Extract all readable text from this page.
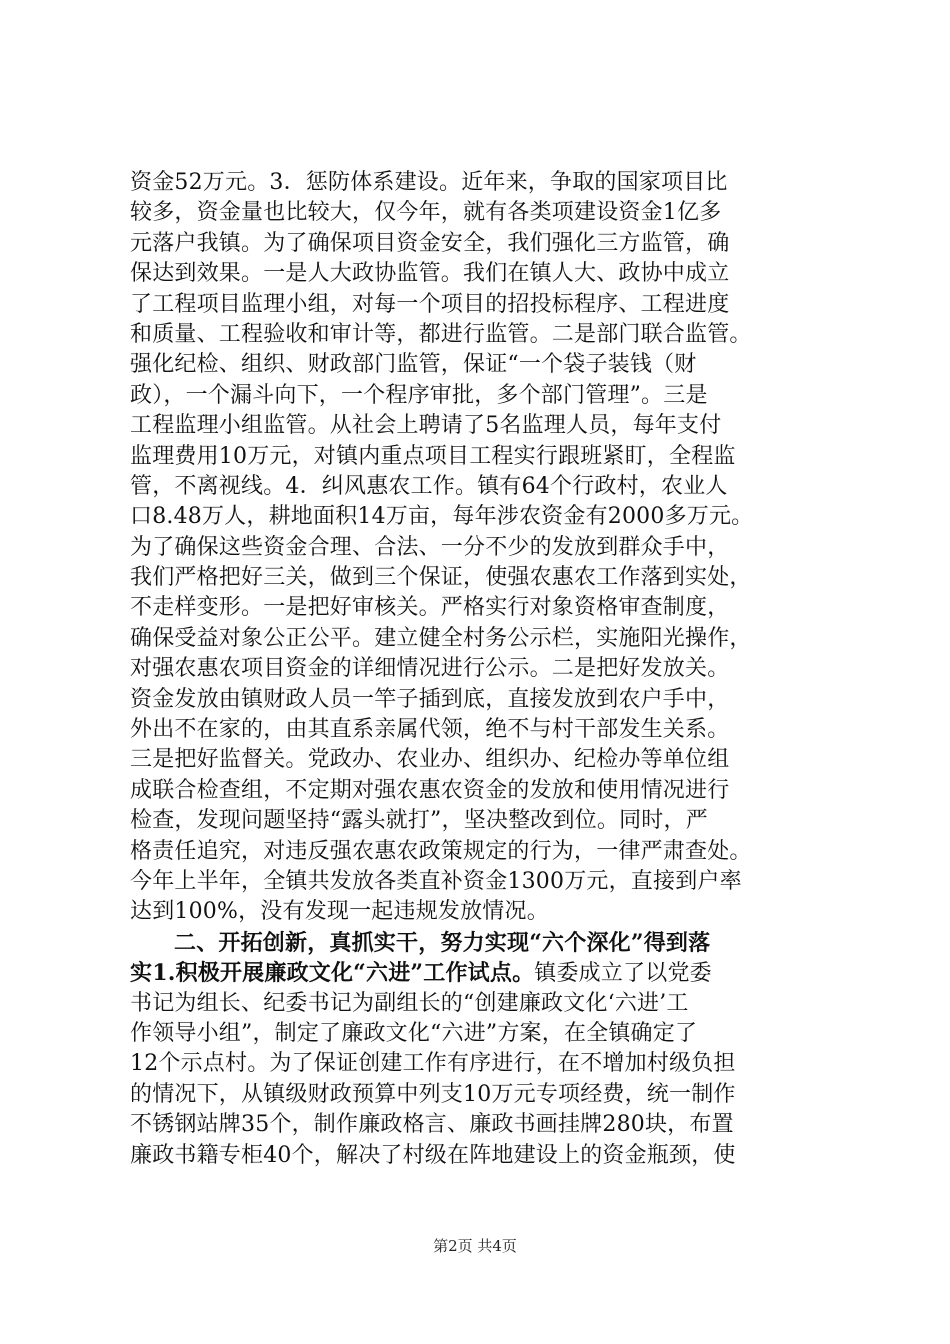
资金52万元。3．惩防体系建设。近年来，争取的国家项目比
较多，资金量也比较大，仅今年，就有各类项建设资金1亿多
元落户我镇。为了确保项目资金安全，我们强化三方监管，确
保达到效果。一是人大政协监管。我们在镇人大、政协中成立
了工程项目监理小组，对每一个项目的招投标程序、工程进度
和质量、工程验收和审计等，都进行监管。二是部门联合监管。
强化纪检、组织、财政部门监管，保证“一个袋子装钱（财
政），一个漏斗向下，一个程序审批，多个部门管理”。三是
工程监理小组监管。从社会上聘请了5名监理人员，每年支付
监理费用10万元，对镇内重点项目工程实行跟班紧盯，全程监
管，不离视线。4．纠风惠农工作。镇有64个行政村，农业人
口8.48万人，耕地面积14万亩，每年涉农资金有2000多万元。
为了确保这些资金合理、合法、一分不少的发放到群众手中，
我们严格把好三关，做到三个保证，使强农惠农工作落到实处，
不走样变形。一是把好审核关。严格实行对象资格审查制度，
确保受益对象公正公平。建立健全村务公示栏，实施阳光操作，
对强农惠农项目资金的详细情况进行公示。二是把好发放关。
资金发放由镇财政人员一竿子插到底，直接发放到农户手中，
外出不在家的，由其直系亲属代领，绝不与村干部发生关系。
三是把好监督关。党政办、农业办、组织办、纪检办等单位组
成联合检查组，不定期对强农惠农资金的发放和使用情况进行
检查，发现问题坚持“露头就打”，坚决整改到位。同时，严
格责任追究，对违反强农惠农政策规定的行为，一律严肃查处。
今年上半年，全镇共发放各类直补资金1300万元，直接到户率
达到100%，没有发现一起违规发放情况。
二、开拓创新，真抓实干，努力实现“六个深化”得到落
实1.积极开展廉政文化“六进”工作试点。镇委成立了以党委
书记为组长、纪委书记为副组长的“创建廉政文化‘六进’工
作领导小组”，制定了廉政文化“六进”方案，在全镇确定了
12个示点村。为了保证创建工作有序进行，在不增加村级负担
的情况下，从镇级财政预算中列支10万元专项经费，统一制作
不锈钢站牌35个，制作廉政格言、廉政书画挂牌280块，布置
廉政书籍专柜40个，解决了村级在阵地建设上的资金瓶颈，使
第2页 共4页
